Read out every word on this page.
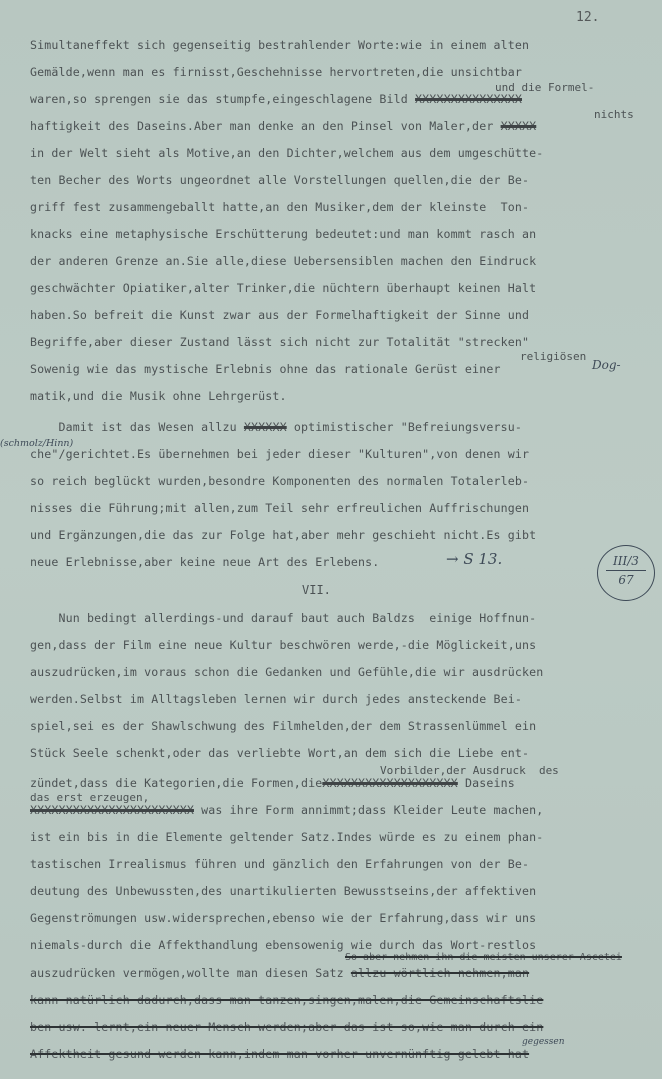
12.
und die Formel-
nichts
Simultaneffekt sich gegenseitig bestrahlender Worte:wie in einem alten
Gemälde,wenn man es firnisst,Geschehnisse hervortreten,die unsichtbar
waren,so sprengen sie das stumpfe,eingeschlagene Bild XXXXXXXXXXXXXXX
haftigkeit des Daseins.Aber man denke an den Pinsel von Maler,der XXXXX
in der Welt sieht als Motive,an den Dichter,welchem aus dem umgeschütte-
ten Becher des Worts ungeordnet alle Vorstellungen quellen,die der Be-
griff fest zusammengeballt hatte,an den Musiker,dem der kleinste  Ton-
knacks eine metaphysische Erschütterung bedeutet:und man kommt rasch an
der anderen Grenze an.Sie alle,diese Uebersensiblen machen den Eindruck
geschwächter Opiatiker,alter Trinker,die nüchtern überhaupt keinen Halt
haben.So befreit die Kunst zwar aus der Formelhaftigkeit der Sinne und
Begriffe,aber dieser Zustand lässt sich nicht zur Totalität "strecken"
religiösen
Sowenig wie das mystische Erlebnis ohne das rationale Gerüst einer	Dog-
matik,und die Musik ohne Lehrgerüst.
Damit ist das Wesen allzu XXXXXX optimistischer "Befreiungsversu-
(schmolz/Hinn)
che"/gerichtet.Es übernehmen bei jeder dieser "Kulturen",von denen wir
so reich beglückt wurden,besondre Komponenten des normalen Totalerleb-
nisses die Führung;mit allen,zum Teil sehr erfreulichen Auffrischungen
und Ergänzungen,die das zur Folge hat,aber mehr geschieht nicht.Es gibt
neue Erlebnisse,aber keine neue Art des Erlebens.	→ S 13.	III/3
67
VII.
Nun bedingt allerdings-und darauf baut auch Baldzs  einige Hoffnun-
gen,dass der Film eine neue Kultur beschwören werde,-die Möglickeit,uns
auszudrücken,im voraus schon die Gedanken und Gefühle,die wir ausdrücken
werden.Selbst im Alltagsleben lernen wir durch jedes ansteckende Bei-
spiel,sei es der Shawlschwung des Filmhelden,der dem Strassenlümmel ein
Stück Seele schenkt,oder das verliebte Wort,an dem sich die Liebe ent-
Vorbilder,der Ausdruck  des
zündet,dass die Kategorien,die Formen,dieXXXXXXXXXXXXXXXXXXX Daseins
das erst erzeugen,
XXXXXXXXXXXXXXXXXXXXXXX was ihre Form annimmt;dass Kleider Leute machen,
ist ein bis in die Elemente geltender Satz.Indes würde es zu einem phan-
tastischen Irrealismus führen und gänzlich den Erfahrungen von der Be-
deutung des Unbewussten,des unartikulierten Bewusstseins,der affektiven
Gegenströmungen usw.widersprechen,ebenso wie der Erfahrung,dass wir uns
niemals-durch die Affekthandlung ebensowenig wie durch das Wort-restlos
So aber nehmen ihn die meisten unserer Ascetei
auszudrücken vermögen,wollte man diesen Satz allzu wörtlich nehmen,man
kann natürlich dadurch,dass man tanzen,singen,malen,die Gemeinschaftslie
ben usw. lernt,ein neuer Mensch werden;aber das ist so,wie man durch ein
gegessen
Affektheit gesund werden kann,indem man vorher unvernünftig gelebt hat
